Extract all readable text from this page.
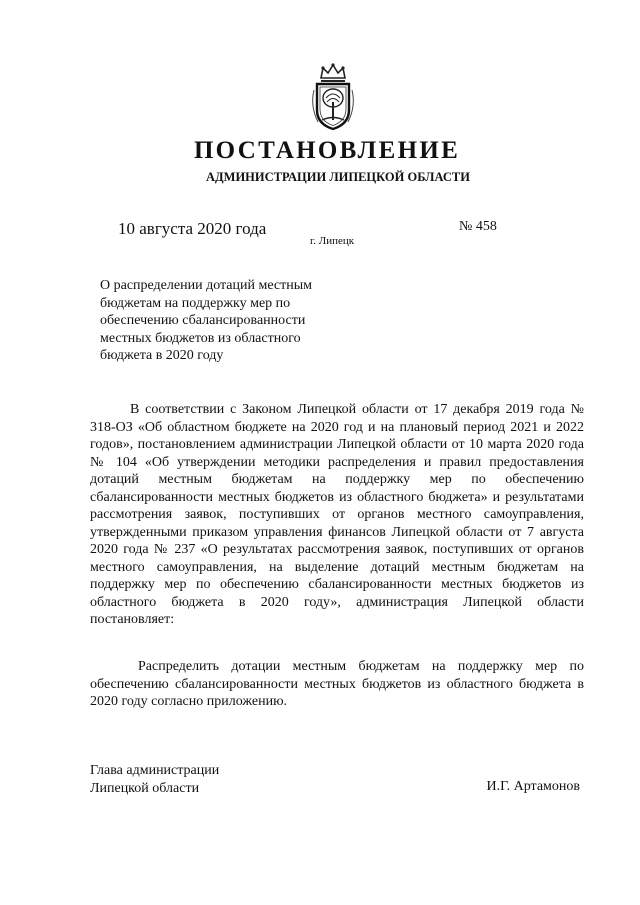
ПОСТАНОВЛЕНИЕ
АДМИНИСТРАЦИИ ЛИПЕЦКОЙ ОБЛАСТИ
10 августа 2020 года
г. Липецк
№ 458
О распределении дотаций местным
бюджетам на поддержку мер по
обеспечению сбалансированности
местных бюджетов из областного
бюджета в 2020 году

В соответствии с Законом Липецкой области от 17 декабря 2019 года № 318-ОЗ «Об областном бюджете на 2020 год и на плановый период 2021 и 2022 годов», постановлением администрации Липецкой области от 10 марта 2020 года № 104 «Об утверждении методики распределения и правил предоставления дотаций местным бюджетам на поддержку мер по обеспечению сбалансированности местных бюджетов из областного бюджета» и результатами рассмотрения заявок, поступивших от органов местного самоуправления, утвержденными приказом управления финансов Липецкой области от 7 августа 2020 года № 237 «О результатах рассмотрения заявок, поступивших от органов местного самоуправления, на выделение дотаций местным бюджетам на поддержку мер по обеспечению сбалансированности местных бюджетов из областного бюджета в 2020 году», администрация Липецкой области постановляет:

Распределить дотации местным бюджетам на поддержку мер по обеспечению сбалансированности местных бюджетов из областного бюджета в 2020 году согласно приложению.

Глава администрации
Липецкой области	И.Г. Артамонов
